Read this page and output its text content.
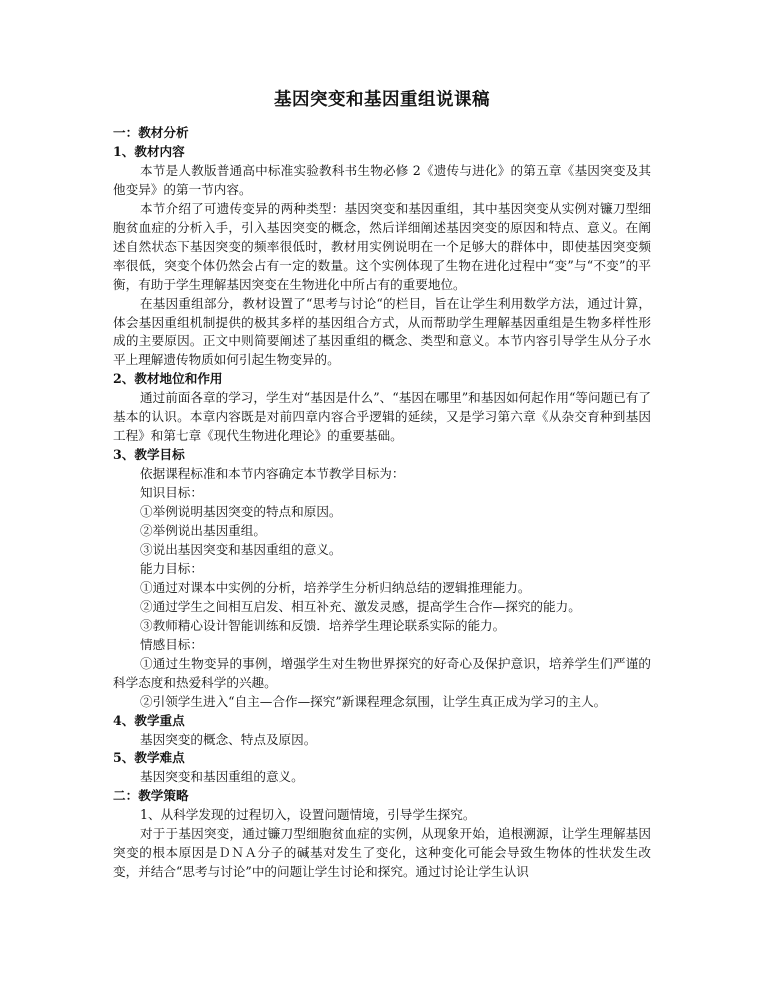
基因突变和基因重组说课稿

一：教材分析

1、教材内容

本节是人教版普通高中标准实验教科书生物必修 2《遗传与进化》的第五章《基因突变及其他变异》的第一节内容。

本节介绍了可遗传变异的两种类型：基因突变和基因重组，其中基因突变从实例对镰刀型细胞贫血症的分析入手，引入基因突变的概念，然后详细阐述基因突变的原因和特点、意义。在阐述自然状态下基因突变的频率很低时，教材用实例说明在一个足够大的群体中，即使基因突变频率很低，突变个体仍然会占有一定的数量。这个实例体现了生物在进化过程中“变”与“不变”的平衡，有助于学生理解基因突变在生物进化中所占有的重要地位。

在基因重组部分，教材设置了“思考与讨论“的栏目，旨在让学生利用数学方法，通过计算，体会基因重组机制提供的极其多样的基因组合方式，从而帮助学生理解基因重组是生物多样性形成的主要原因。正文中则简要阐述了基因重组的概念、类型和意义。本节内容引导学生从分子水平上理解遗传物质如何引起生物变异的。

2、教材地位和作用

通过前面各章的学习，学生对“基因是什么”、“基因在哪里”和基因如何起作用“等问题已有了基本的认识。本章内容既是对前四章内容合乎逻辑的延续，又是学习第六章《从杂交育种到基因工程》和第七章《现代生物进化理论》的重要基础。

3、教学目标

依据课程标准和本节内容确定本节教学目标为：

知识目标：

①举例说明基因突变的特点和原因。

②举例说出基因重组。

③说出基因突变和基因重组的意义。

能力目标：

①通过对课本中实例的分析，培养学生分析归纳总结的逻辑推理能力。

②通过学生之间相互启发、相互补充、激发灵感，提高学生合作—探究的能力。

③教师精心设计智能训练和反馈．培养学生理论联系实际的能力。

情感目标：

①通过生物变异的事例，增强学生对生物世界探究的好奇心及保护意识，培养学生们严谨的科学态度和热爱科学的兴趣。

②引领学生进入“自主—合作—探究”新课程理念氛围，让学生真正成为学习的主人。

4、教学重点

基因突变的概念、特点及原因。

5、教学难点

基因突变和基因重组的意义。

二：教学策略

1、从科学发现的过程切入，设置问题情境，引导学生探究。

对于于基因突变，通过镰刀型细胞贫血症的实例，从现象开始，追根溯源，让学生理解基因突变的根本原因是ＤＮＡ分子的碱基对发生了变化，这种变化可能会导致生物体的性状发生改变，并结合“思考与讨论”中的问题让学生讨论和探究。通过讨论让学生认识
